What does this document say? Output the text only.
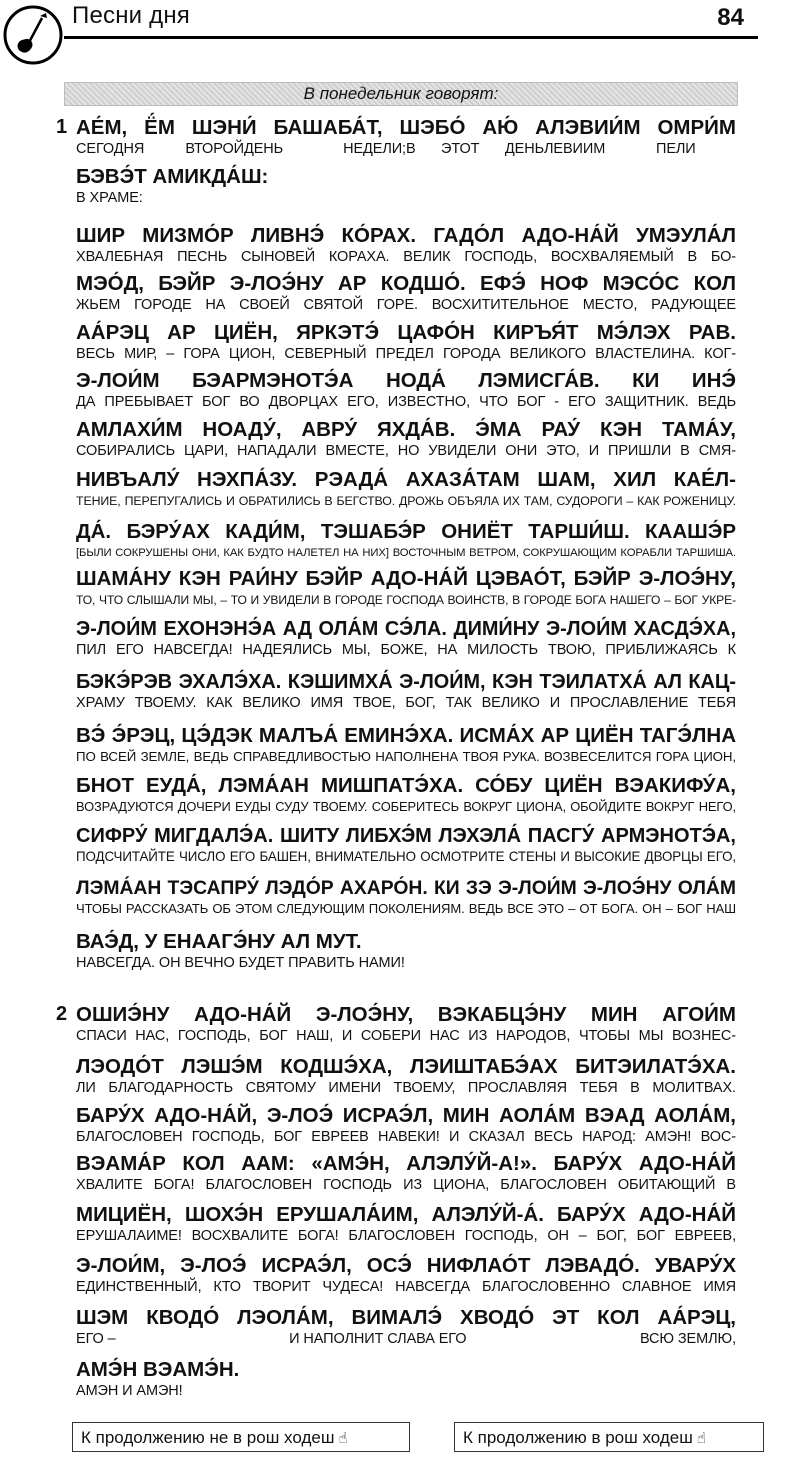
Песни дня	84
В понедельник говорят:
1 АЕ́М, Ё́М ШЭНИ́ БАШАБА́Т, ШЭБО́ АЮ́ АЛЭВИИ́М ОМРИ́М
СЕГОДНЯ ВТОРОЙ ДЕНЬ НЕДЕЛИ; В ЭТОТ ДЕНЬ ЛЕВИИМ	ПЕЛИ
БЭВЭ́Т АМИКДА́Ш:
В ХРАМЕ:
ШИР МИЗМО́Р ЛИВНЭ́ КО́РАХ. ГАДО́Л АДО-НА́Й УМЭУЛА́Л
ХВАЛЕБНАЯ ПЕСНЬ СЫНОВЕЙ КОРАХА. ВЕЛИК ГОСПОДЬ, ВОСХВАЛЯЕМЫЙ В БО-
МЭО́Д, БЭЙР Э-ЛОЭ́НУ АР КОДШО́. ЕФЭ́ НОФ МЭСО́С КОЛ
ЖЬЕМ ГОРОДЕ НА СВОЕЙ СВЯТОЙ ГОРЕ. ВОСХИТИТЕЛЬНОЕ МЕСТО, РАДУЮЩЕЕ
АА́РЭЦ АР ЦИЁН, ЯРКЭТЭ́ ЦАФО́Н КИРЪЯ́Т МЭ́ЛЭХ РАВ.
ВЕСЬ МИР, – ГОРА ЦИОН, СЕВЕРНЫЙ ПРЕДЕЛ ГОРОДА ВЕЛИКОГО ВЛАСТЕЛИНА. КОГ-
Э-ЛОИ́М БЭАРМЭНОТЭ́А НОДА́ ЛЭМИСГА́В. КИ ИНЭ́
ДА ПРЕБЫВАЕТ БОГ ВО ДВОРЦАХ ЕГО, ИЗВЕСТНО, ЧТО БОГ - ЕГО ЗАЩИТНИК. ВЕДЬ
АМЛАХИ́М НОАДУ́, АВРУ́ ЯХДА́В. Э́МА РАУ́ КЭН ТАМА́У,
СОБИРАЛИСЬ ЦАРИ, НАПАДАЛИ ВМЕСТЕ, НО УВИДЕЛИ ОНИ ЭТО, И ПРИШЛИ В СМЯ-
НИВЪАЛУ́ НЭХПА́ЗУ. РЭАДА́ АХАЗА́ТАМ ШАМ, ХИЛ КАЕ́Л-
ТЕНИЕ, ПЕРЕПУГАЛИСЬ И ОБРАТИЛИСЬ В БЕГСТВО. ДРОЖЬ ОБЪЯЛА ИХ ТАМ, СУДОРОГИ – КАК РОЖЕНИЦУ.
ДА́. БЭРУ́АХ КАДИ́М, ТЭШАБЭ́Р ОНИЁТ ТАРШИ́Ш. КААШЭ́Р
[БЫЛИ СОКРУШЕНЫ ОНИ, КАК БУДТО НАЛЕТЕЛ НА НИХ] ВОСТОЧНЫМ ВЕТРОМ, СОКРУШАЮЩИМ КОРАБЛИ ТАРШИША.
ШАМА́НУ КЭН РАИ́НУ БЭЙР АДО-НА́Й ЦЭВАО́Т, БЭЙР Э-ЛОЭ́НУ,
ТО, ЧТО СЛЫШАЛИ МЫ, – ТО И УВИДЕЛИ В ГОРОДЕ ГОСПОДА ВОИНСТВ, В ГОРОДЕ БОГА НАШЕГО – БОГ УКРЕ-
Э-ЛОИ́М ЕХОНЭНЭ́А АД ОЛА́М СЭ́ЛА. ДИМИ́НУ Э-ЛОИ́М ХАСДЭ́ХА,
ПИЛ ЕГО НАВСЕГДА! НАДЕЯЛИСЬ МЫ, БОЖЕ, НА МИЛОСТЬ ТВОЮ, ПРИБЛИЖАЯСЬ К
БЭКЭ́РЭВ ЭХАЛЭ́ХА. КЭШИМХА́ Э-ЛОИ́М, КЭН ТЭИЛАТХА́ АЛ КАЦ-
ХРАМУ ТВОЕМУ. КАК ВЕЛИКО ИМЯ ТВОЕ, БОГ, ТАК ВЕЛИКО И ПРОСЛАВЛЕНИЕ ТЕБЯ
ВЭ́ Э́РЭЦ, ЦЭ́ДЭК МАЛЪА́ ЕМИНЭ́ХА. ИСМА́Х АР ЦИЁН ТАГЭ́ЛНА
ПО ВСЕЙ ЗЕМЛЕ, ВЕДЬ СПРАВЕДЛИВОСТЬЮ НАПОЛНЕНА ТВОЯ РУКА. ВОЗВЕСЕЛИТСЯ ГОРА ЦИОН,
БНОТ ЕУДА́, ЛЭМА́АН МИШПАТЭ́ХА. СО́БУ ЦИЁН ВЭАКИФУ́А,
ВОЗРАДУЮТСЯ ДОЧЕРИ ЕУДЫ СУДУ ТВОЕМУ. СОБЕРИТЕСЬ ВОКРУГ ЦИОНА, ОБОЙДИТЕ ВОКРУГ НЕГО,
СИФРУ́ МИГДАЛЭ́А. ШИТУ ЛИБХЭ́М ЛЭХЭЛА́ ПАСГУ́ АРМЭНОТЭ́А,
ПОДСЧИТАЙТЕ ЧИСЛО ЕГО БАШЕН, ВНИМАТЕЛЬНО ОСМОТРИТЕ СТЕНЫ И ВЫСОКИЕ ДВОРЦЫ ЕГО,
ЛЭМА́АН ТЭСАПРУ́ ЛЭДО́Р АХАРО́Н. КИ ЗЭ Э-ЛОИ́М Э-ЛОЭ́НУ ОЛА́М
ЧТОБЫ РАССКАЗАТЬ ОБ ЭТОМ СЛЕДУЮЩИМ ПОКОЛЕНИЯМ. ВЕДЬ ВСЕ ЭТО – ОТ БОГА. ОН – БОГ НАШ
ВАЭ́Д, У ЕНААГЭ́НУ АЛ МУТ.
НАВСЕГДА. ОН ВЕЧНО БУДЕТ ПРАВИТЬ НАМИ!
2 ОШИЭ́НУ АДО-НА́Й Э-ЛОЭ́НУ, ВЭКАБЦЭ́НУ МИН АГОИ́М
СПАСИ НАС, ГОСПОДЬ, БОГ НАШ, И СОБЕРИ НАС ИЗ НАРОДОВ, ЧТОБЫ МЫ ВОЗНЕС-
ЛЭОДО́Т ЛЭШЭ́М КОДШЭ́ХА, ЛЭИШТАБЭ́АХ БИТЭИЛАТЭ́ХА.
ЛИ БЛАГОДАРНОСТЬ СВЯТОМУ ИМЕНИ ТВОЕМУ, ПРОСЛАВЛЯЯ ТЕБЯ В МОЛИТВАХ.
БАРУ́Х АДО-НА́Й, Э-ЛОЭ́ ИСРАЭ́Л, МИН АОЛА́М ВЭАД АОЛА́М,
БЛАГОСЛОВЕН ГОСПОДЬ, БОГ ЕВРЕЕВ НАВЕКИ! И СКАЗАЛ ВЕСЬ НАРОД: АМЭН! ВОС-
ВЭАМА́Р КОЛ ААМ: «АМЭ́Н, АЛЭЛУ́Й-А!». БАРУ́Х АДО-НА́Й
ХВАЛИТЕ БОГА! БЛАГОСЛОВЕН ГОСПОДЬ ИЗ ЦИОНА, БЛАГОСЛОВЕН ОБИТАЮЩИЙ В
МИЦИЁН, ШОХЭ́Н ЕРУШАЛА́ИМ, АЛЭЛУ́Й-А́. БАРУ́Х АДО-НА́Й
ЕРУШАЛАИМЕ! ВОСХВАЛИТЕ БОГА! БЛАГОСЛОВЕН ГОСПОДЬ, ОН – БОГ, БОГ ЕВРЕЕВ,
Э-ЛОИ́М, Э-ЛОЭ́ ИСРАЭ́Л, ОСЭ́ НИФЛАО́Т ЛЭВАДО́. УВАРУ́Х
ЕДИНСТВЕННЫЙ, КТО ТВОРИТ ЧУДЕСА! НАВСЕГДА БЛАГОСЛОВЕННО СЛАВНОЕ ИМЯ
ШЭМ КВОДО́ ЛЭОЛА́М, ВИМАЛЭ́ ХВОДО́ ЭТ КОЛ АА́РЭЦ,
ЕГО –	И НАПОЛНИТ СЛАВА ЕГО	ВСЮ ЗЕМЛЮ,
АМЭ́Н ВЭАМЭ́Н.
АМЭН И АМЭН!
К продолжению не в рош ходеш ☝	К продолжению в рош ходеш ☝
